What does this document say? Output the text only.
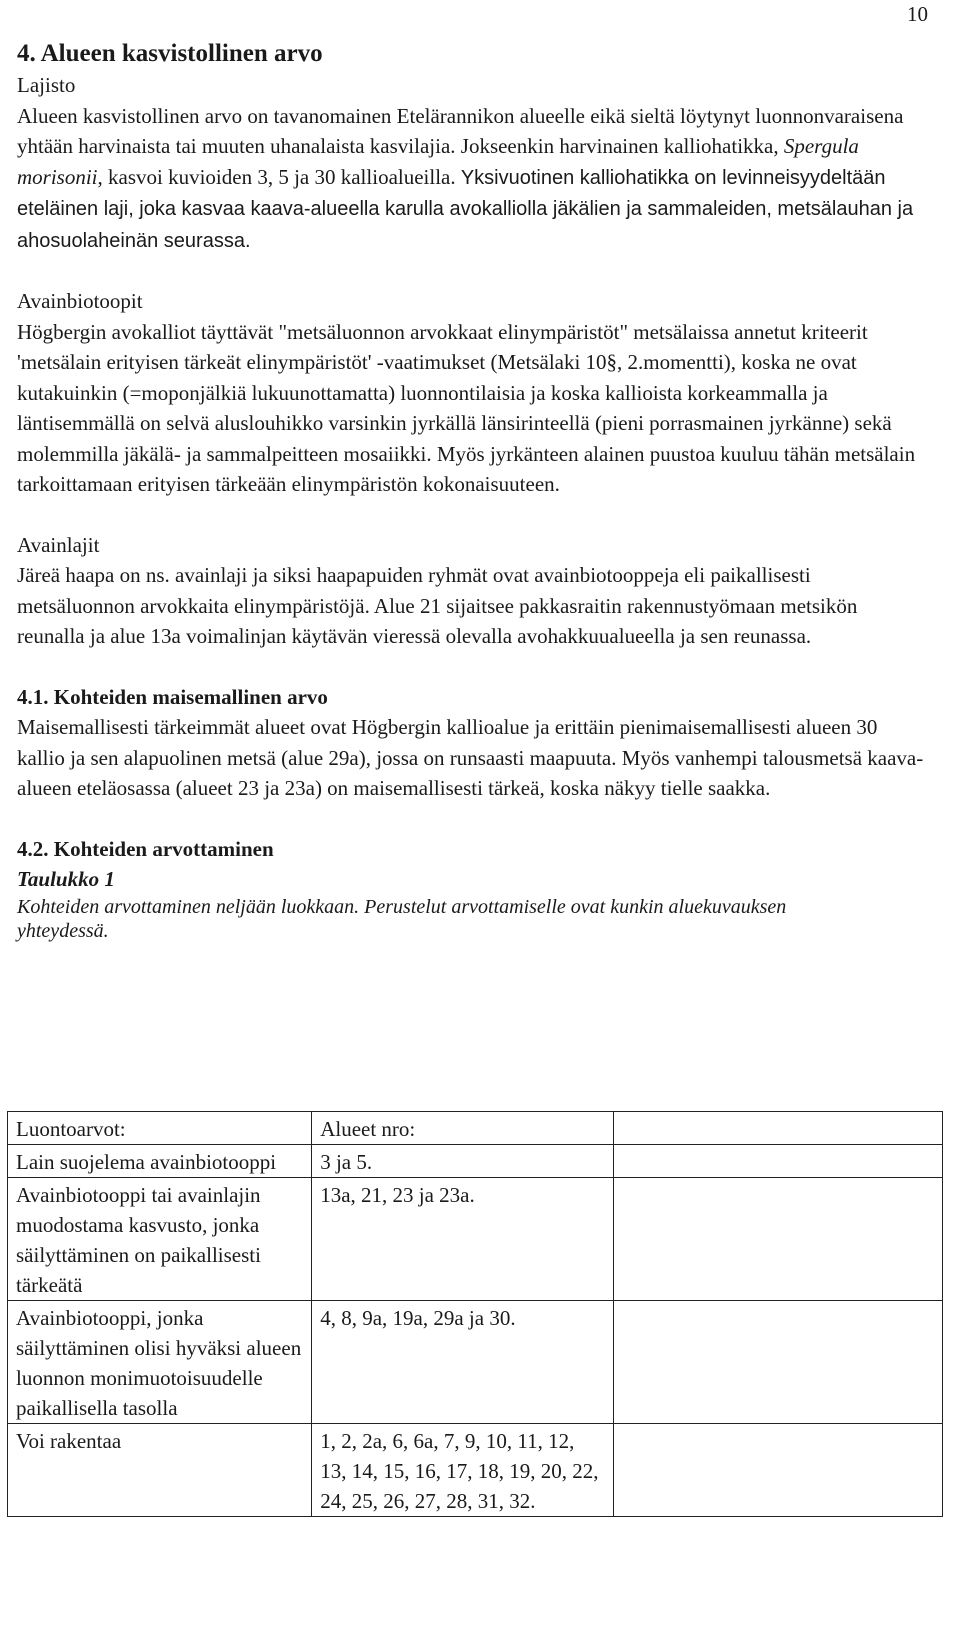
10

4. Alueen kasvistollinen arvo

Lajisto

Alueen kasvistollinen arvo on tavanomainen Etelärannikon alueelle eikä sieltä löytynyt luonnonvaraisena yhtään harvinaista tai muuten uhanalaista kasvilajia. Jokseenkin harvinainen kalliohatikka, Spergula morisonii, kasvoi kuvioiden 3, 5 ja 30 kallioalueilla. Yksivuotinen kalliohatikka on levinneisyydeltään eteläinen laji, joka kasvaa kaava-alueella karulla avokalliolla jäkälien ja sammaleiden, metsälauhan ja ahosuolaheinän seurassa.

Avainbiotoopit

Högbergin avokalliot täyttävät "metsäluonnon arvokkaat elinympäristöt" metsälaissa annetut kriteerit 'metsälain erityisen tärkeät elinympäristöt' -vaatimukset (Metsälaki 10§, 2.momentti), koska ne ovat kutakuinkin (=moponjälkiä lukuunottamatta) luonnontilaisia ja koska kallioista korkeammalla ja läntisemmällä on selvä aluslouhikko varsinkin jyrkällä länsirinteellä (pieni porrasmainen jyrkänne) sekä molemmilla jäkälä- ja sammalpeitteen mosaiikki. Myös jyrkänteen alainen puustoa kuuluu tähän metsälain tarkoittamaan erityisen tärkeään elinympäristön kokonaisuuteen.

Avainlajit

Järeä haapa on ns. avainlaji ja siksi haapapuiden ryhmät ovat avainbiotooppeja eli paikallisesti metsäluonnon arvokkaita elinympäristöjä. Alue 21 sijaitsee pakkasraitin rakennustyömaan metsikön reunalla ja alue 13a voimalinjan käytävän vieressä olevalla avohakkuualueella ja sen reunassa.

4.1. Kohteiden maisemallinen arvo

Maisemallisesti tärkeimmät alueet ovat Högbergin kallioalue ja erittäin pienimaisemallisesti alueen 30 kallio ja sen alapuolinen metsä (alue 29a), jossa on runsaasti maapuuta. Myös vanhempi talousmetsä kaava-alueen eteläosassa (alueet 23 ja 23a) on maisemallisesti tärkeä, koska näkyy tielle saakka.

4.2. Kohteiden arvottaminen

Taulukko 1

Kohteiden arvottaminen neljään luokkaan. Perustelut arvottamiselle ovat kunkin aluekuvauksen yhteydessä.

Luontoarvot:	Alueet nro:	
Lain suojelema avainbiotooppi	3 ja 5.	
Avainbiotooppi tai avainlajin muodostama kasvusto, jonka säilyttäminen on paikallisesti tärkeätä	13a, 21, 23 ja 23a.	
Avainbiotooppi, jonka säilyttäminen olisi hyväksi alueen luonnon monimuotoisuudelle paikallisella tasolla	4, 8, 9a, 19a, 29a ja 30.	
Voi rakentaa	1, 2, 2a, 6, 6a, 7, 9, 10, 11, 12, 13, 14, 15, 16, 17, 18, 19, 20, 22, 24, 25, 26, 27, 28, 31, 32.	
